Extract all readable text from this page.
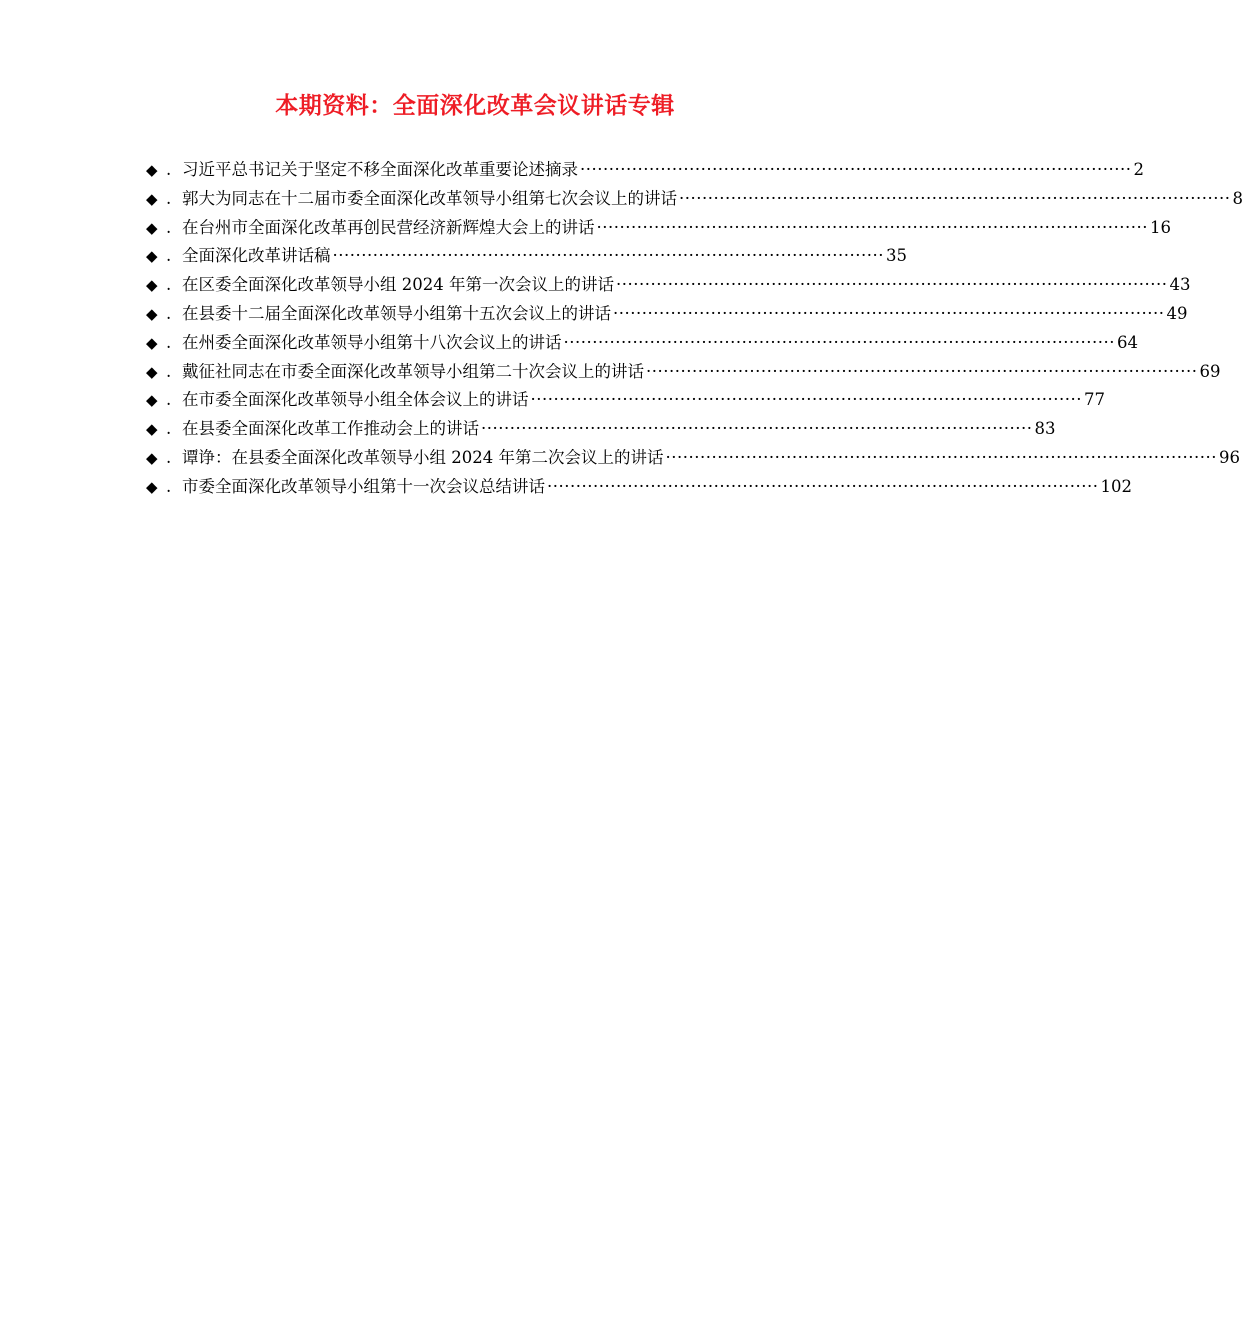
本期资料：全面深化改革会议讲话专辑
◆ . 习近平总书记关于坚定不移全面深化改革重要论述摘录 ·····	2
◆ . 郭大为同志在十二届市委全面深化改革领导小组第七次会议上的讲话 ·····	8
◆ . 在台州市全面深化改革再创民营经济新辉煌大会上的讲话 ·····	16
◆ . 全面深化改革讲话稿 ·····	35
◆ . 在区委全面深化改革领导小组 2024 年第一次会议上的讲话 ·····	43
◆ . 在县委十二届全面深化改革领导小组第十五次会议上的讲话 ·····	49
◆ . 在州委全面深化改革领导小组第十八次会议上的讲话 ·····	64
◆ . 戴征社同志在市委全面深化改革领导小组第二十次会议上的讲话 ·····	69
◆ . 在市委全面深化改革领导小组全体会议上的讲话 ·····	77
◆ . 在县委全面深化改革工作推动会上的讲话 ·····	83
◆ . 谭诤：在县委全面深化改革领导小组 2024 年第二次会议上的讲话 ·····	96
◆ . 市委全面深化改革领导小组第十一次会议总结讲话 ·····	102
